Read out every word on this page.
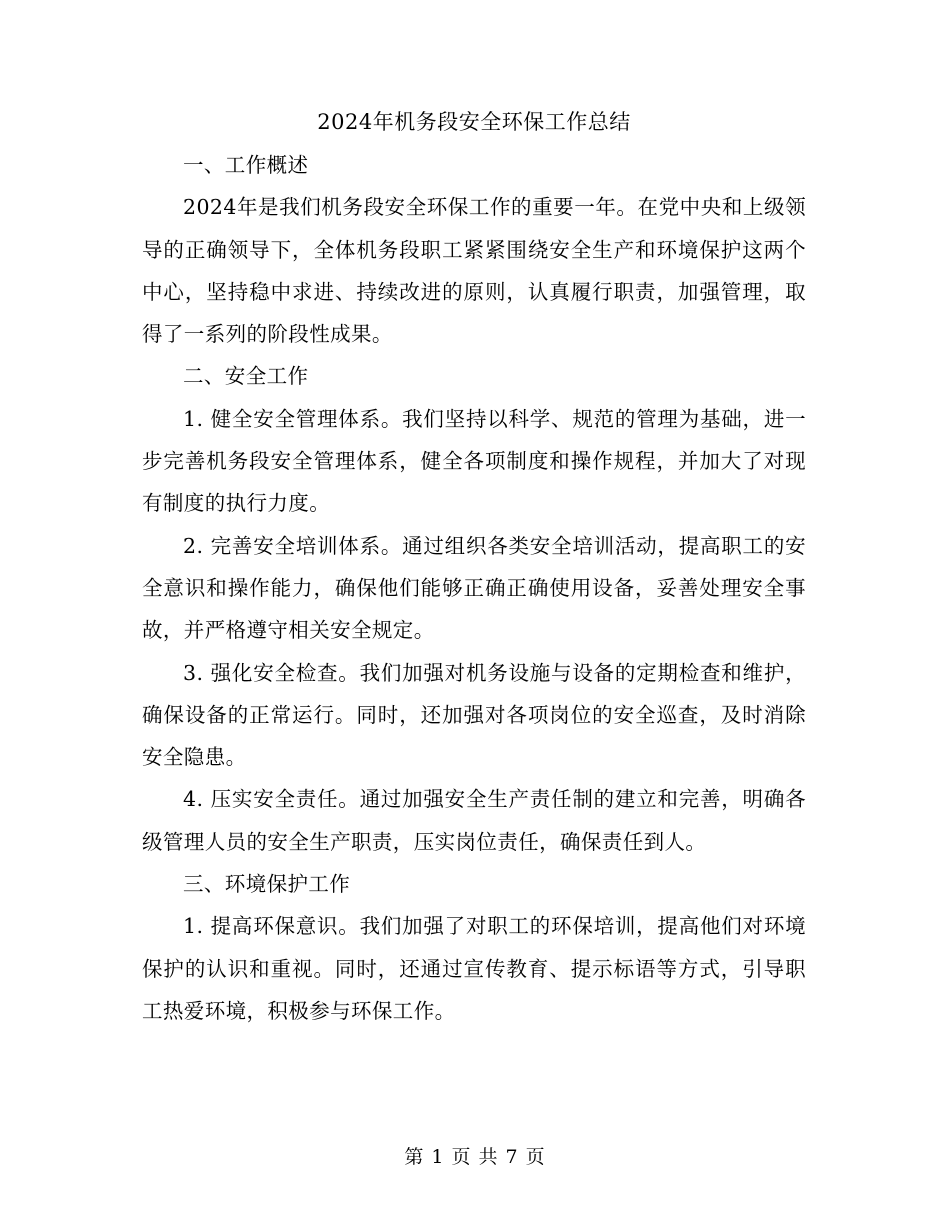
2024年机务段安全环保工作总结

一、工作概述

2024年是我们机务段安全环保工作的重要一年。在党中央和上级领导的正确领导下，全体机务段职工紧紧围绕安全生产和环境保护这两个中心，坚持稳中求进、持续改进的原则，认真履行职责，加强管理，取得了一系列的阶段性成果。

二、安全工作

1. 健全安全管理体系。我们坚持以科学、规范的管理为基础，进一步完善机务段安全管理体系，健全各项制度和操作规程，并加大了对现有制度的执行力度。

2. 完善安全培训体系。通过组织各类安全培训活动，提高职工的安全意识和操作能力，确保他们能够正确正确使用设备，妥善处理安全事故，并严格遵守相关安全规定。

3. 强化安全检查。我们加强对机务设施与设备的定期检查和维护，确保设备的正常运行。同时，还加强对各项岗位的安全巡查，及时消除安全隐患。

4. 压实安全责任。通过加强安全生产责任制的建立和完善，明确各级管理人员的安全生产职责，压实岗位责任，确保责任到人。

三、环境保护工作

1. 提高环保意识。我们加强了对职工的环保培训，提高他们对环境保护的认识和重视。同时，还通过宣传教育、提示标语等方式，引导职工热爱环境，积极参与环保工作。

第 1 页 共 7 页
